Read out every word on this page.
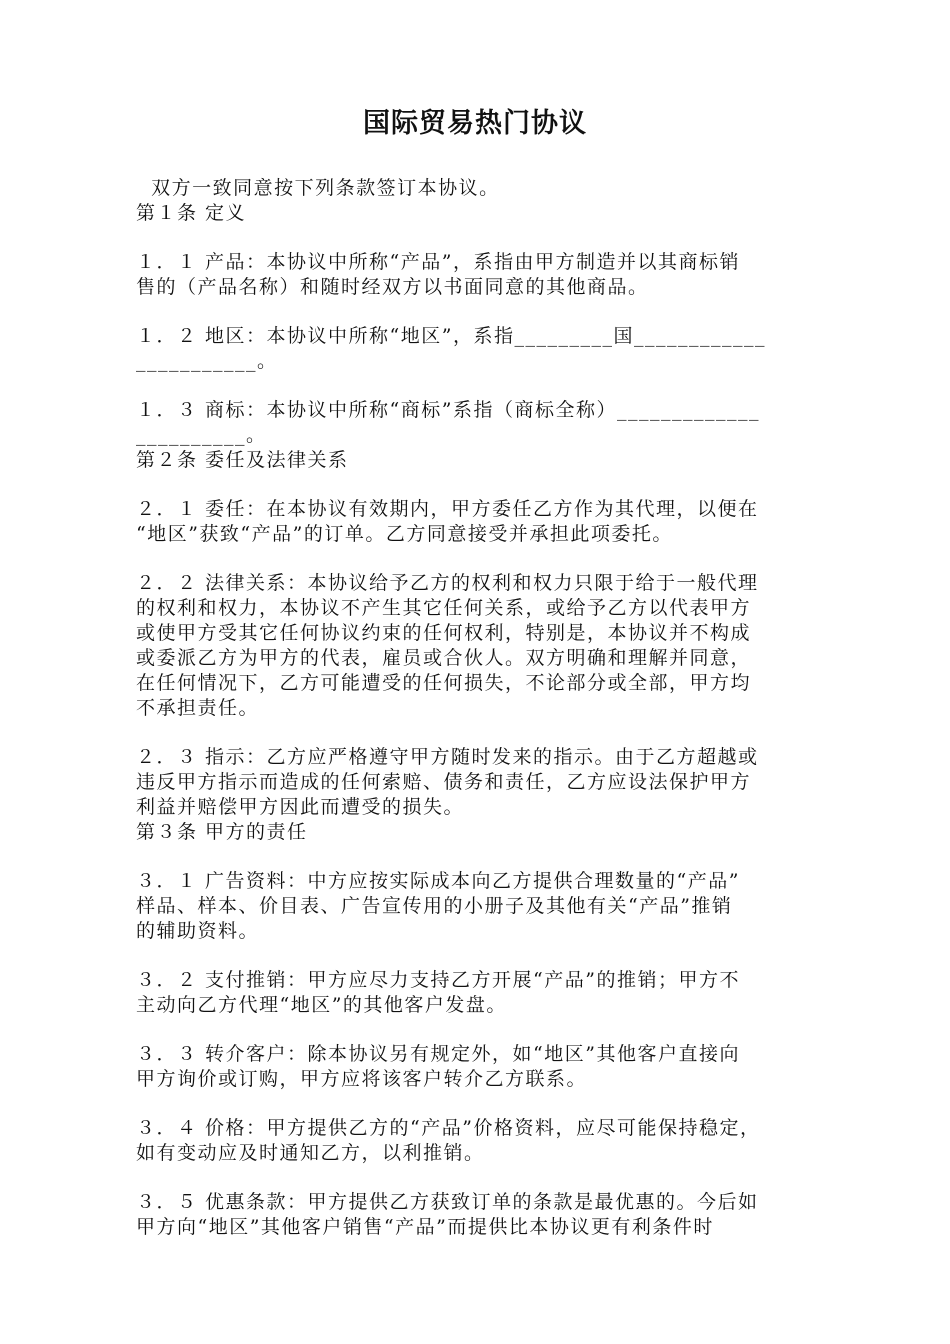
国际贸易热门协议
双方一致同意按下列条款签订本协议。
第１条 定义
１．１ 产品：本协议中所称“产品”，系指由甲方制造并以其商标销
售的（产品名称）和随时经双方以书面同意的其他商品。
１．２ 地区：本协议中所称“地区”，系指_________国____________
___________。
１．３ 商标：本协议中所称“商标”系指（商标全称）_____________
__________。
第２条 委任及法律关系
２．１ 委任：在本协议有效期内，甲方委任乙方作为其代理，以便在
“地区”获致“产品”的订单。乙方同意接受并承担此项委托。
２．２ 法律关系：本协议给予乙方的权利和权力只限于给于一般代理
的权利和权力，本协议不产生其它任何关系，或给予乙方以代表甲方
或使甲方受其它任何协议约束的任何权利，特别是，本协议并不构成
或委派乙方为甲方的代表，雇员或合伙人。双方明确和理解并同意，
在任何情况下，乙方可能遭受的任何损失，不论部分或全部，甲方均
不承担责任。
２．３ 指示：乙方应严格遵守甲方随时发来的指示。由于乙方超越或
违反甲方指示而造成的任何索赔、债务和责任，乙方应设法保护甲方
利益并赔偿甲方因此而遭受的损失。
第３条 甲方的责任
３．１ 广告资料：中方应按实际成本向乙方提供合理数量的“产品”
样品、样本、价目表、广告宣传用的小册子及其他有关“产品”推销
的辅助资料。
３．２ 支付推销：甲方应尽力支持乙方开展“产品”的推销；甲方不
主动向乙方代理“地区”的其他客户发盘。
３．３ 转介客户：除本协议另有规定外，如“地区”其他客户直接向
甲方询价或订购，甲方应将该客户转介乙方联系。
３．４ 价格：甲方提供乙方的“产品”价格资料，应尽可能保持稳定，
如有变动应及时通知乙方，以利推销。
３．５ 优惠条款：甲方提供乙方获致订单的条款是最优惠的。今后如
甲方向“地区”其他客户销售“产品”而提供比本协议更有利条件时
